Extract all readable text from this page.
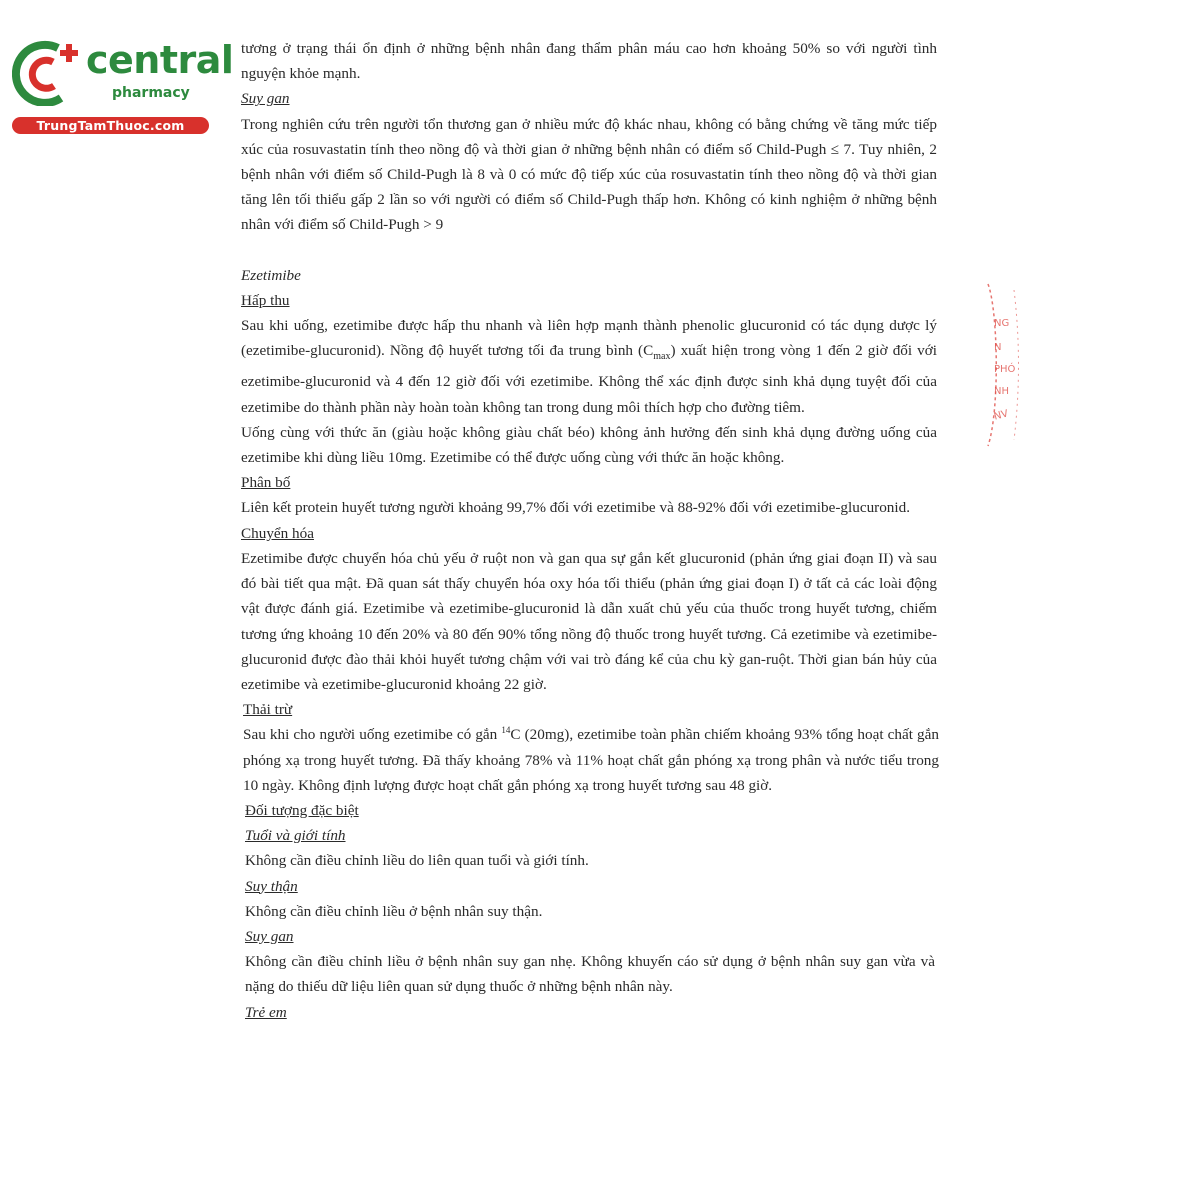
central
pharmacy
TrungTamThuoc.com
NG
N
PHÓ
NH
NV

tương ở trạng thái ổn định ở những bệnh nhân đang thẩm phân máu cao hơn khoảng 50% so với người tình nguyện khỏe mạnh.

Suy gan

Trong nghiên cứu trên người tổn thương gan ở nhiều mức độ khác nhau, không có bằng chứng về tăng mức tiếp xúc của rosuvastatin tính theo nồng độ và thời gian ở những bệnh nhân có điểm số Child-Pugh ≤ 7. Tuy nhiên, 2 bệnh nhân với điểm số Child-Pugh là 8 và 0 có mức độ tiếp xúc của rosuvastatin tính theo nồng độ và thời gian tăng lên tối thiểu gấp 2 lần so với người có điểm số Child-Pugh thấp hơn. Không có kinh nghiệm ở những bệnh nhân với điểm số Child-Pugh > 9

Ezetimibe

Hấp thu

Sau khi uống, ezetimibe được hấp thu nhanh và liên hợp mạnh thành phenolic glucuronid có tác dụng dược lý (ezetimibe-glucuronid). Nồng độ huyết tương tối đa trung bình $(C_{max})$ xuất hiện trong vòng 1 đến 2 giờ đối với ezetimibe-glucuronid và 4 đến 12 giờ đối với ezetimibe. Không thể xác định được sinh khả dụng tuyệt đối của ezetimibe do thành phần này hoàn toàn không tan trong dung môi thích hợp cho đường tiêm.

Uống cùng với thức ăn (giàu hoặc không giàu chất béo) không ảnh hưởng đến sinh khả dụng đường uống của ezetimibe khi dùng liều 10mg. Ezetimibe có thể được uống cùng với thức ăn hoặc không.

Phân bố

Liên kết protein huyết tương người khoảng 99,7% đối với ezetimibe và 88-92% đối với ezetimibe-glucuronid.

Chuyển hóa

Ezetimibe được chuyển hóa chủ yếu ở ruột non và gan qua sự gắn kết glucuronid (phản ứng giai đoạn II) và sau đó bài tiết qua mật. Đã quan sát thấy chuyển hóa oxy hóa tối thiểu (phản ứng giai đoạn I) ở tất cả các loài động vật được đánh giá. Ezetimibe và ezetimibe-glucuronid là dẫn xuất chủ yếu của thuốc trong huyết tương, chiếm tương ứng khoảng 10 đến 20% và 80 đến 90% tổng nồng độ thuốc trong huyết tương. Cả ezetimibe và ezetimibe-glucuronid được đào thải khỏi huyết tương chậm với vai trò đáng kể của chu kỳ gan-ruột. Thời gian bán hủy của ezetimibe và ezetimibe-glucuronid khoảng 22 giờ.

Thải trừ

Sau khi cho người uống ezetimibe có gắn $^{14}$C (20mg), ezetimibe toàn phần chiếm khoảng 93% tổng hoạt chất gắn phóng xạ trong huyết tương. Đã thấy khoảng 78% và 11% hoạt chất gắn phóng xạ trong phân và nước tiểu trong 10 ngày. Không định lượng được hoạt chất gắn phóng xạ trong huyết tương sau 48 giờ.

Đối tượng đặc biệt

Tuổi và giới tính

Không cần điều chỉnh liều do liên quan tuổi và giới tính.

Suy thận

Không cần điều chỉnh liều ở bệnh nhân suy thận.

Suy gan

Không cần điều chỉnh liều ở bệnh nhân suy gan nhẹ. Không khuyến cáo sử dụng ở bệnh nhân suy gan vừa và nặng do thiếu dữ liệu liên quan sử dụng thuốc ở những bệnh nhân này.

Trẻ em
